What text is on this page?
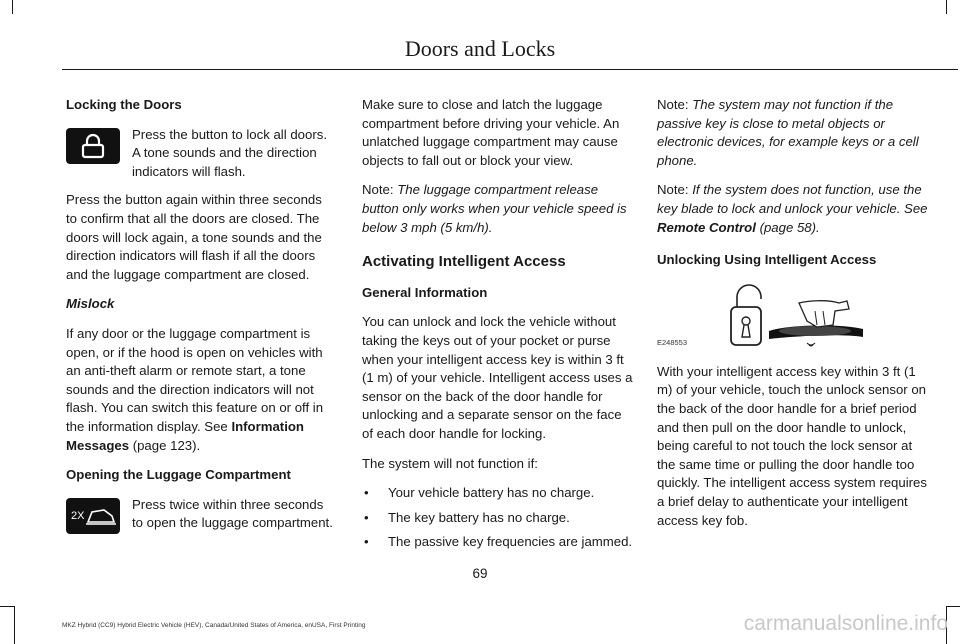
Doors and Locks
Locking the Doors
Press the button to lock all doors. A tone sounds and the direction indicators will flash.

Press the button again within three seconds to confirm that all the doors are closed. The doors will lock again, a tone sounds and the direction indicators will flash if all the doors and the luggage compartment are closed.

Mislock

If any door or the luggage compartment is open, or if the hood is open on vehicles with an anti-theft alarm or remote start, a tone sounds and the direction indicators will not flash. You can switch this feature on or off in the information display. See Information Messages (page 123).

Opening the Luggage Compartment
2X
Press twice within three seconds to open the luggage compartment.

Make sure to close and latch the luggage compartment before driving your vehicle. An unlatched luggage compartment may cause objects to fall out or block your view.

Note: The luggage compartment release button only works when your vehicle speed is below 3 mph (5 km/h).

Activating Intelligent Access
General Information

You can unlock and lock the vehicle without taking the keys out of your pocket or purse when your intelligent access key is within 3 ft (1 m) of your vehicle. Intelligent access uses a sensor on the back of the door handle for unlocking and a separate sensor on the face of each door handle for locking.

The system will not function if:

• Your vehicle battery has no charge.
• The key battery has no charge.
• The passive key frequencies are jammed.

Note: The system may not function if the passive key is close to metal objects or electronic devices, for example keys or a cell phone.

Note: If the system does not function, use the key blade to lock and unlock your vehicle. See Remote Control (page 58).

Unlocking Using Intelligent Access
E248553

With your intelligent access key within 3 ft (1 m) of your vehicle, touch the unlock sensor on the back of the door handle for a brief period and then pull on the door handle to unlock, being careful to not touch the lock sensor at the same time or pulling the door handle too quickly. The intelligent access system requires a brief delay to authenticate your intelligent access key fob.

69
MKZ Hybrid (CC9) Hybrid Electric Vehicle (HEV), Canada/United States of America, enUSA, First Printing	carmanualsonline.info
